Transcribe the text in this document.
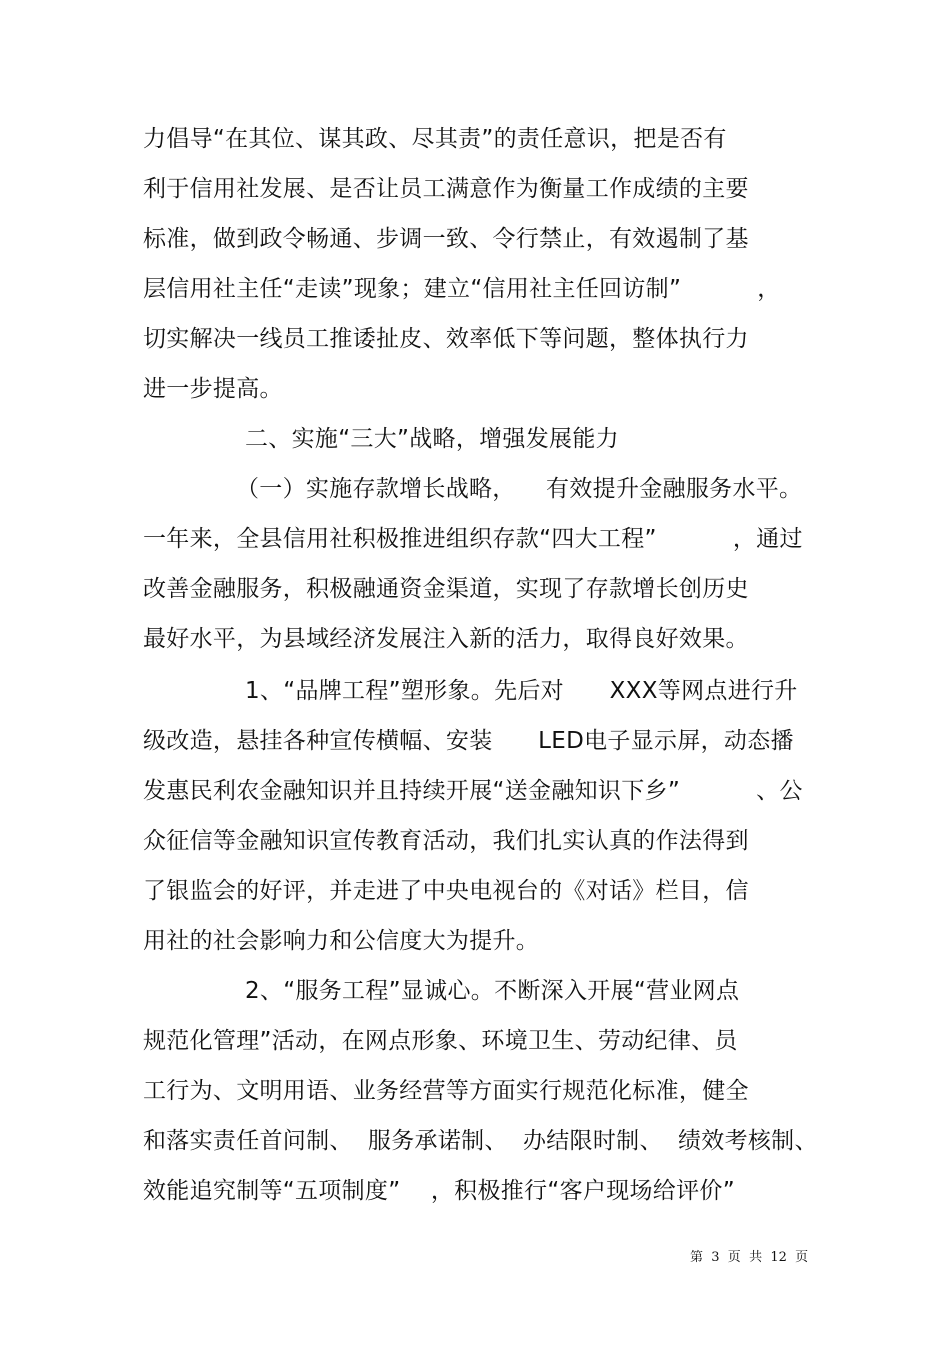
力倡导“在其位、谋其政、尽其责”的责任意识，把是否有
利于信用社发展、是否让员工满意作为衡量工作成绩的主要
标准，做到政令畅通、步调一致、令行禁止，有效遏制了基
层信用社主任“走读”现象；建立“信用社主任回访制”          ，
切实解决一线员工推诿扯皮、效率低下等问题，整体执行力
进一步提高。
二、实施“三大”战略，增强发展能力
（一）实施存款增长战略，    有效提升金融服务水平。
一年来，全县信用社积极推进组织存款“四大工程”          ，通过
改善金融服务，积极融通资金渠道，实现了存款增长创历史
最好水平，为县域经济发展注入新的活力，取得良好效果。
1、“品牌工程”塑形象。先后对      XXX等网点进行升
级改造，悬挂各种宣传横幅、安装      LED电子显示屏，动态播
发惠民利农金融知识并且持续开展“送金融知识下乡”          、公
众征信等金融知识宣传教育活动，我们扎实认真的作法得到
了银监会的好评，并走进了中央电视台的《对话》栏目，信
用社的社会影响力和公信度大为提升。
2、“服务工程”显诚心。不断深入开展“营业网点
规范化管理”活动，在网点形象、环境卫生、劳动纪律、员
工行为、文明用语、业务经营等方面实行规范化标准，健全
和落实责任首问制、  服务承诺制、  办结限时制、  绩效考核制、
效能追究制等“五项制度”    ，积极推行“客户现场给评价”
第  3  页  共  12  页
